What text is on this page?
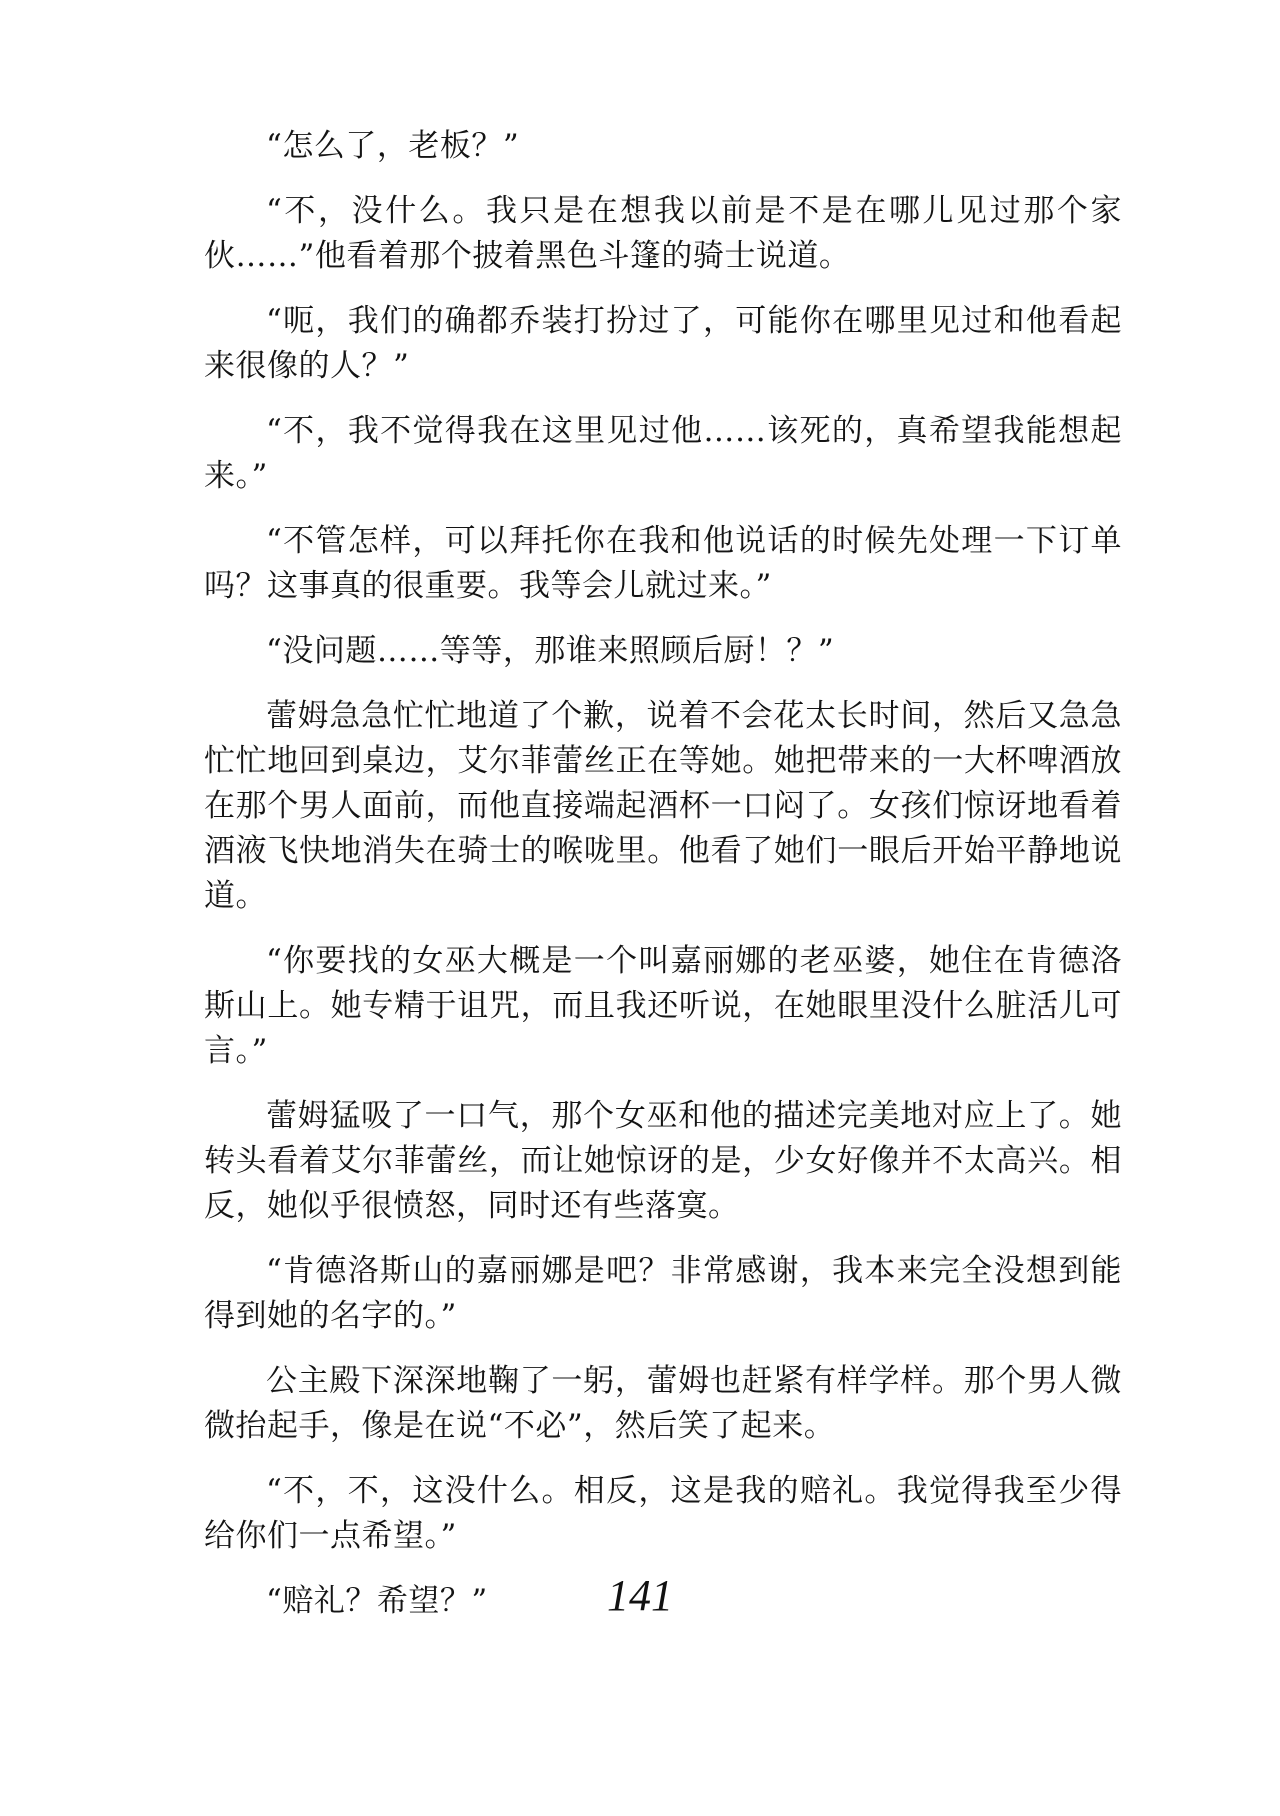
“怎么了，老板？”

“不，没什么。我只是在想我以前是不是在哪儿见过那个家伙……”他看着那个披着黑色斗篷的骑士说道。

“呃，我们的确都乔装打扮过了，可能你在哪里见过和他看起来很像的人？”

“不，我不觉得我在这里见过他……该死的，真希望我能想起来。”

“不管怎样，可以拜托你在我和他说话的时候先处理一下订单吗？这事真的很重要。我等会儿就过来。”

“没问题……等等，那谁来照顾后厨！？”

蕾姆急急忙忙地道了个歉，说着不会花太长时间，然后又急急忙忙地回到桌边，艾尔菲蕾丝正在等她。她把带来的一大杯啤酒放在那个男人面前，而他直接端起酒杯一口闷了。女孩们惊讶地看着酒液飞快地消失在骑士的喉咙里。他看了她们一眼后开始平静地说道。

“你要找的女巫大概是一个叫嘉丽娜的老巫婆，她住在肯德洛斯山上。她专精于诅咒，而且我还听说，在她眼里没什么脏活儿可言。”

蕾姆猛吸了一口气，那个女巫和他的描述完美地对应上了。她转头看着艾尔菲蕾丝，而让她惊讶的是，少女好像并不太高兴。相反，她似乎很愤怒，同时还有些落寞。

“肯德洛斯山的嘉丽娜是吧？非常感谢，我本来完全没想到能得到她的名字的。”

公主殿下深深地鞠了一躬，蕾姆也赶紧有样学样。那个男人微微抬起手，像是在说“不必”，然后笑了起来。

“不，不，这没什么。相反，这是我的赔礼。我觉得我至少得给你们一点希望。”

“赔礼？希望？”	141
